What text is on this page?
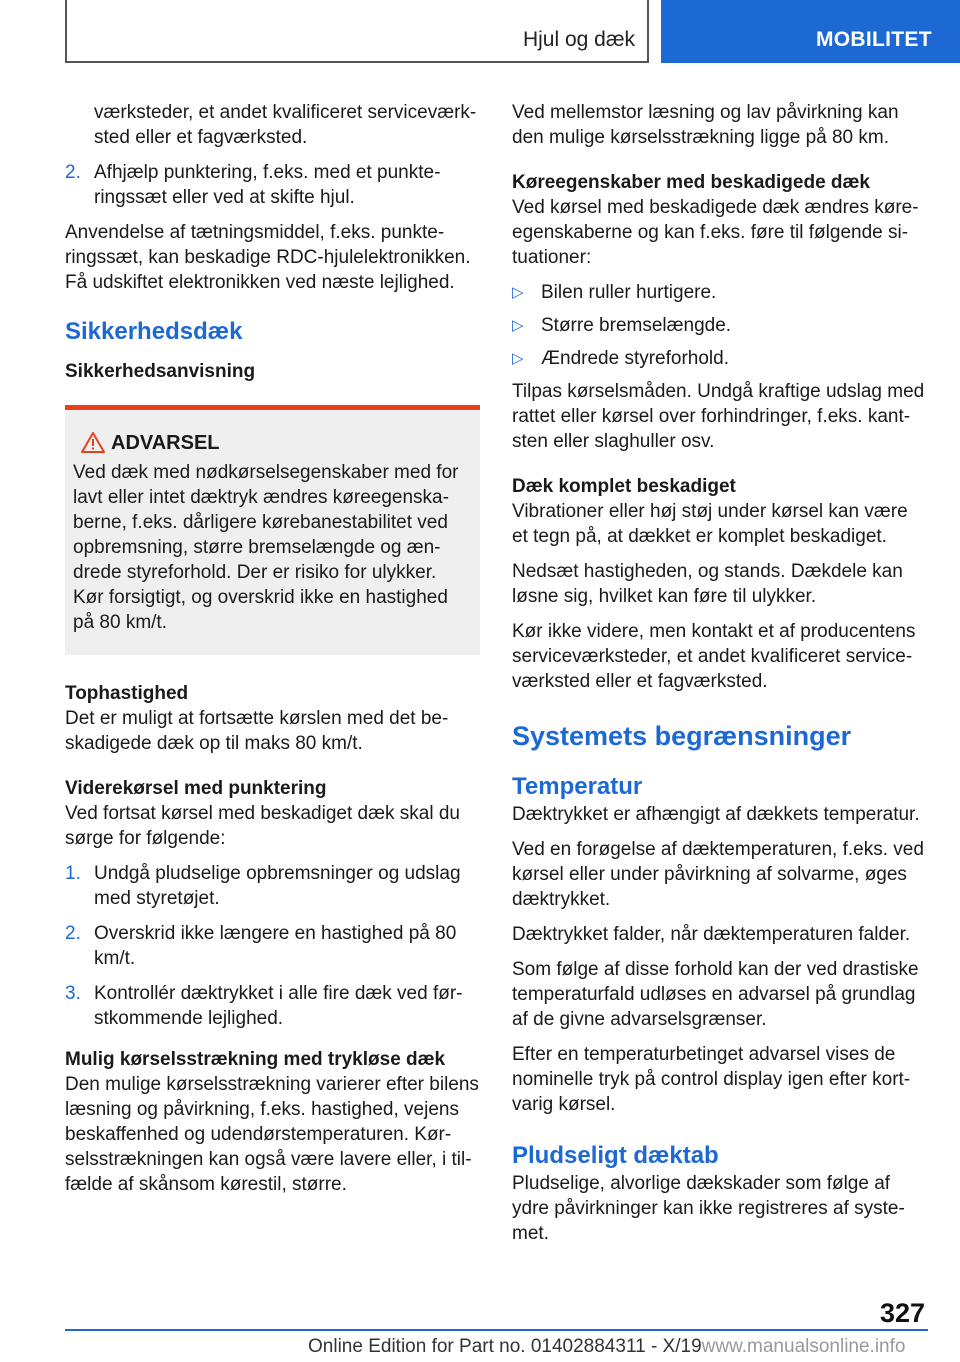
Hjul og dæk	MOBILITET

værksteder, et andet kvalificeret serviceværk‐sted eller et fagværksted.

2. Afhjælp punktering, f.eks. med et punkte‐ringssæt eller ved at skifte hjul.

Anvendelse af tætningsmiddel, f.eks. punkte‐ringssæt, kan beskadige RDC-hjulelektronikken. Få udskiftet elektronikken ved næste lejlighed.

Sikkerhedsdæk
Sikkerhedsanvisning
ADVARSEL

Ved dæk med nødkørselsegenskaber med for lavt eller intet dæktryk ændres køreegenska‐berne, f.eks. dårligere kørebanestabilitet ved opbremsning, større bremselængde og æn‐drede styreforhold. Der er risiko for ulykker. Kør forsigtigt, og overskrid ikke en hastighed på 80 km/t.

Tophastighed

Det er muligt at fortsætte kørslen med det be‐skadigede dæk op til maks 80 km/t.

Viderekørsel med punktering

Ved fortsat kørsel med beskadiget dæk skal du sørge for følgende:

1. Undgå pludselige opbremsninger og udslag med styretøjet.
2. Overskrid ikke længere en hastighed på 80 km/t.
3. Kontrollér dæktrykket i alle fire dæk ved før‐stkommende lejlighed.
Mulig kørselsstrækning med trykløse dæk

Den mulige kørselsstrækning varierer efter bilens læsning og påvirkning, f.eks. hastighed, vejens beskaffenhed og udendørstemperaturen. Kør‐selsstrækningen kan også være lavere eller, i til‐fælde af skånsom kørestil, større.

Ved mellemstor læsning og lav påvirkning kan den mulige kørselsstrækning ligge på 80 km.

Køreegenskaber med beskadigede dæk

Ved kørsel med beskadigede dæk ændres køre‐egenskaberne og kan f.eks. føre til følgende si‐tuationer:

▷ Bilen ruller hurtigere.
▷ Større bremselængde.
▷ Ændrede styreforhold.

Tilpas kørselsmåden. Undgå kraftige udslag med rattet eller kørsel over forhindringer, f.eks. kant‐sten eller slaghuller osv.

Dæk komplet beskadiget

Vibrationer eller høj støj under kørsel kan være et tegn på, at dækket er komplet beskadiget.

Nedsæt hastigheden, og stands. Dækdele kan løsne sig, hvilket kan føre til ulykker.

Kør ikke videre, men kontakt et af producentens serviceværksteder, et andet kvalificeret service‐værksted eller et fagværksted.

Systemets begrænsninger
Temperatur

Dæktrykket er afhængigt af dækkets temperatur.

Ved en forøgelse af dæktemperaturen, f.eks. ved kørsel eller under påvirkning af solvarme, øges dæktrykket.

Dæktrykket falder, når dæktemperaturen falder.

Som følge af disse forhold kan der ved drastiske temperaturfald udløses en advarsel på grundlag af de givne advarselsgrænser.

Efter en temperaturbetinget advarsel vises de nominelle tryk på control display igen efter kort‐varig kørsel.

Pludseligt dæktab

Pludselige, alvorlige dækskader som følge af ydre påvirkninger kan ikke registreres af syste‐met.

327
Online Edition for Part no. 01402884311 - X/19www.manualsonline.info
